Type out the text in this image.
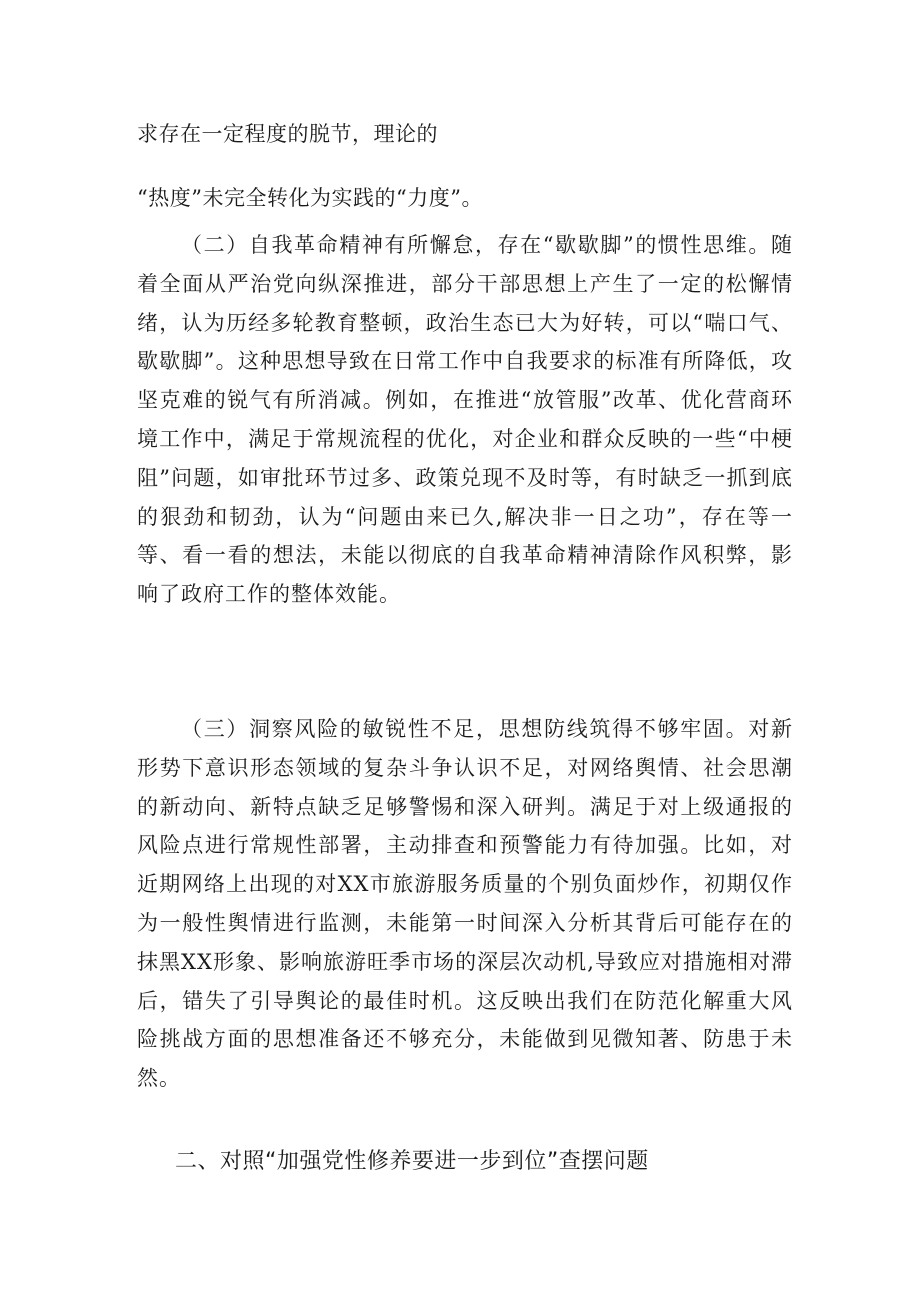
求存在一定程度的脱节，理论的
“热度”未完全转化为实践的“力度”。

（二）自我革命精神有所懈怠，存在“歇歇脚”的惯性思维。随着全面从严治党向纵深推进，部分干部思想上产生了一定的松懈情绪，认为历经多轮教育整顿，政治生态已大为好转，可以“喘口气、歇歇脚”。这种思想导致在日常工作中自我要求的标准有所降低，攻坚克难的锐气有所消减。例如，在推进“放管服”改革、优化营商环境工作中，满足于常规流程的优化，对企业和群众反映的一些“中梗阻”问题，如审批环节过多、政策兑现不及时等，有时缺乏一抓到底的狠劲和韧劲，认为“问题由来已久,解决非一日之功”，存在等一等、看一看的想法，未能以彻底的自我革命精神清除作风积弊，影响了政府工作的整体效能。

（三）洞察风险的敏锐性不足，思想防线筑得不够牢固。对新形势下意识形态领域的复杂斗争认识不足，对网络舆情、社会思潮的新动向、新特点缺乏足够警惕和深入研判。满足于对上级通报的风险点进行常规性部署，主动排查和预警能力有待加强。比如，对近期网络上出现的对XX市旅游服务质量的个别负面炒作，初期仅作为一般性舆情进行监测，未能第一时间深入分析其背后可能存在的抹黑XX形象、影响旅游旺季市场的深层次动机,导致应对措施相对滞后，错失了引导舆论的最佳时机。这反映出我们在防范化解重大风险挑战方面的思想准备还不够充分，未能做到见微知著、防患于未然。

二、对照“加强党性修养要进一步到位”查摆问题
